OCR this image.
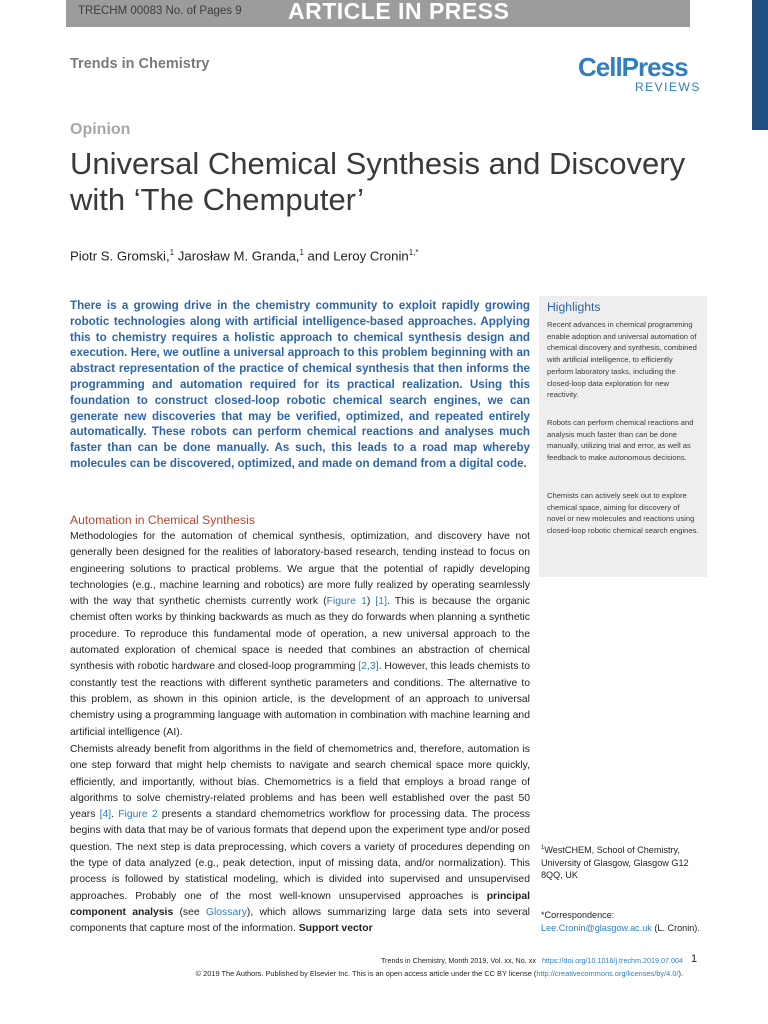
TRECHM 00083 No. of Pages 9 ARTICLE IN PRESS
Trends in Chemistry	CellPress
REVIEWS
Opinion
Universal Chemical Synthesis and Discovery with ‘The Chemputer’
Piotr S. Gromski,$^1$ Jarosław M. Granda,$^1$ and Leroy Cronin$^{1,*}$
There is a growing drive in the chemistry community to exploit rapidly growing robotic technologies along with artificial intelligence-based approaches. Applying this to chemistry requires a holistic approach to chemical synthesis design and execution. Here, we outline a universal approach to this problem beginning with an abstract representation of the practice of chemical synthesis that then informs the programming and automation required for its practical realization. Using this foundation to construct closed-loop robotic chemical search engines, we can generate new discoveries that may be verified, optimized, and repeated entirely automatically. These robots can perform chemical reactions and analyses much faster than can be done manually. As such, this leads to a road map whereby molecules can be discovered, optimized, and made on demand from a digital code.
Highlights
Recent advances in chemical programming enable adoption and universal automation of chemical discovery and synthesis, combined with artificial intelligence, to efficiently perform laboratory tasks, including the closed-loop data exploration for new reactivity.
Robots can perform chemical reactions and analysis much faster than can be done manually, utilizing trial and error, as well as feedback to make autonomous decisions.
Chemists can actively seek out to explore chemical space, aiming for discovery of novel or new molecules and reactions using closed-loop robotic chemical search engines.
Automation in Chemical Synthesis
Methodologies for the automation of chemical synthesis, optimization, and discovery have not generally been designed for the realities of laboratory-based research, tending instead to focus on engineering solutions to practical problems. We argue that the potential of rapidly developing technologies (e.g., machine learning and robotics) are more fully realized by operating seamlessly with the way that synthetic chemists currently work (Figure 1) [1]. This is because the organic chemist often works by thinking backwards as much as they do forwards when planning a synthetic procedure. To reproduce this fundamental mode of operation, a new universal approach to the automated exploration of chemical space is needed that combines an abstraction of chemical synthesis with robotic hardware and closed-loop programming [2,3]. However, this leads chemists to constantly test the reactions with different synthetic parameters and conditions. The alternative to this problem, as shown in this opinion article, is the development of an approach to universal chemistry using a programming language with automation in combination with machine learning and artificial intelligence (AI).
Chemists already benefit from algorithms in the field of chemometrics and, therefore, automation is one step forward that might help chemists to navigate and search chemical space more quickly, efficiently, and importantly, without bias. Chemometrics is a field that employs a broad range of algorithms to solve chemistry-related problems and has been well established over the past 50 years [4]. Figure 2 presents a standard chemometrics workflow for processing data. The process begins with data that may be of various formats that depend upon the experiment type and/or posed question. The next step is data preprocessing, which covers a variety of procedures depending on the type of data analyzed (e.g., peak detection, input of missing data, and/or normalization). This process is followed by statistical modeling, which is divided into supervised and unsupervised approaches. Probably one of the most well-known unsupervised approaches is principal component analysis (see Glossary), which allows summarizing large data sets into several components that capture most of the information. Support vector
$^1$WestCHEM, School of Chemistry, University of Glasgow, Glasgow G12 8QQ, UK
*Correspondence:
Lee.Cronin@glasgow.ac.uk (L. Cronin).
Trends in Chemistry, Month 2019, Vol. xx, No. xx https://doi.org/10.1016/j.trechm.2019.07.004 1
© 2019 The Authors. Published by Elsevier Inc. This is an open access article under the CC BY license (http://creativecommons.org/licenses/by/4.0/).
